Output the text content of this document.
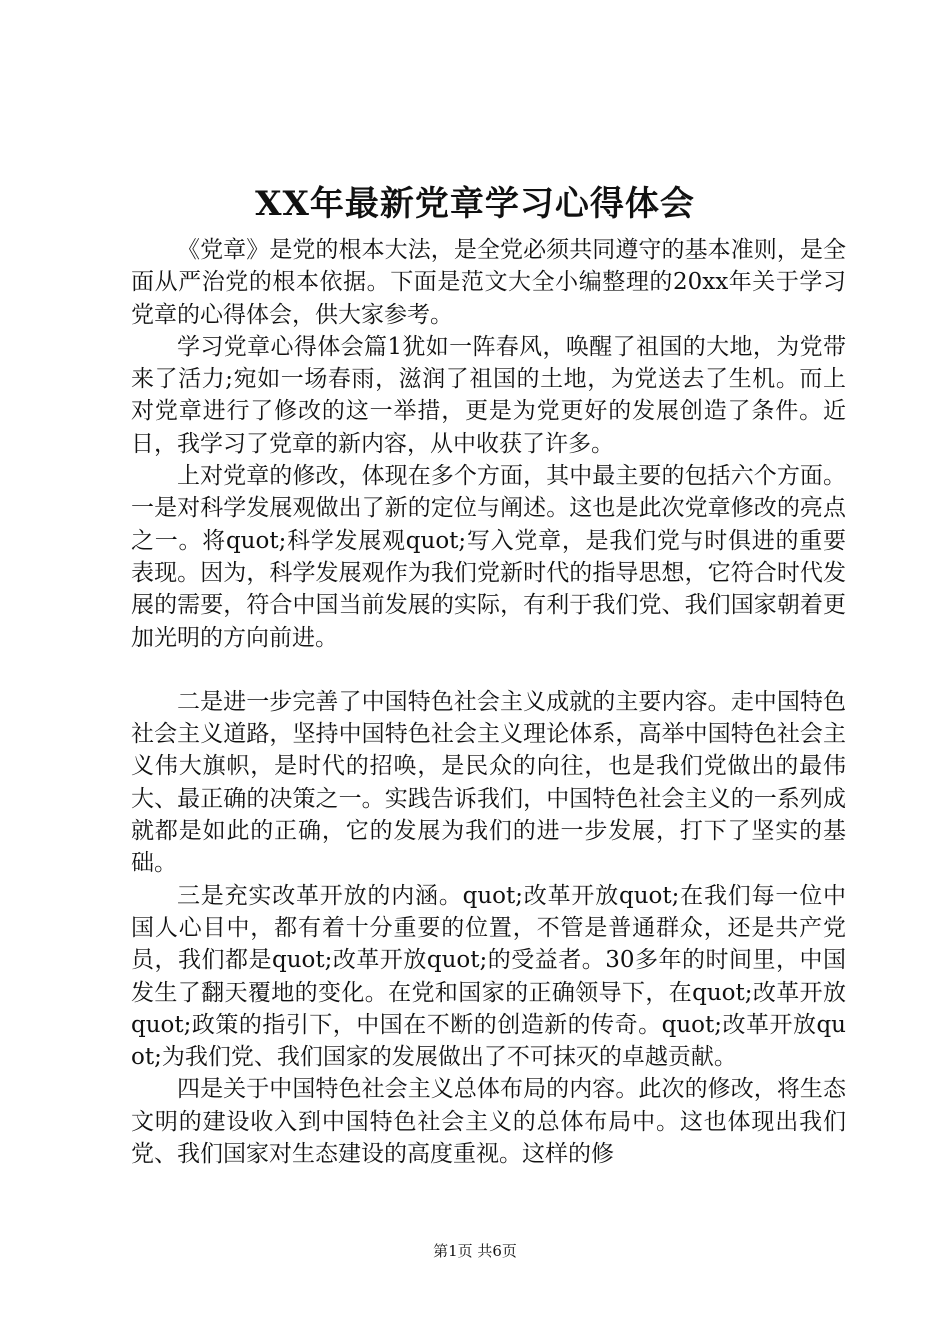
XX年最新党章学习心得体会

《党章》是党的根本大法，是全党必须共同遵守的基本准则，是全面从严治党的根本依据。下面是范文大全小编整理的20xx年关于学习党章的心得体会，供大家参考。

学习党章心得体会篇1犹如一阵春风，唤醒了祖国的大地，为党带来了活力;宛如一场春雨，滋润了祖国的土地，为党送去了生机。而上对党章进行了修改的这一举措，更是为党更好的发展创造了条件。近日，我学习了党章的新内容，从中收获了许多。

上对党章的修改，体现在多个方面，其中最主要的包括六个方面。一是对科学发展观做出了新的定位与阐述。这也是此次党章修改的亮点之一。将quot;科学发展观quot;写入党章，是我们党与时俱进的重要表现。因为，科学发展观作为我们党新时代的指导思想，它符合时代发展的需要，符合中国当前发展的实际，有利于我们党、我们国家朝着更加光明的方向前进。

二是进一步完善了中国特色社会主义成就的主要内容。走中国特色社会主义道路，坚持中国特色社会主义理论体系，高举中国特色社会主义伟大旗帜，是时代的招唤，是民众的向往，也是我们党做出的最伟大、最正确的决策之一。实践告诉我们，中国特色社会主义的一系列成就都是如此的正确，它的发展为我们的进一步发展，打下了坚实的基础。

三是充实改革开放的内涵。quot;改革开放quot;在我们每一位中国人心目中，都有着十分重要的位置，不管是普通群众，还是共产党员，我们都是quot;改革开放quot;的受益者。30多年的时间里，中国发生了翻天覆地的变化。在党和国家的正确领导下，在quot;改革开放quot;政策的指引下，中国在不断的创造新的传奇。quot;改革开放quot;为我们党、我们国家的发展做出了不可抹灭的卓越贡献。

四是关于中国特色社会主义总体布局的内容。此次的修改，将生态文明的建设收入到中国特色社会主义的总体布局中。这也体现出我们党、我们国家对生态建设的高度重视。这样的修

第1页 共6页
